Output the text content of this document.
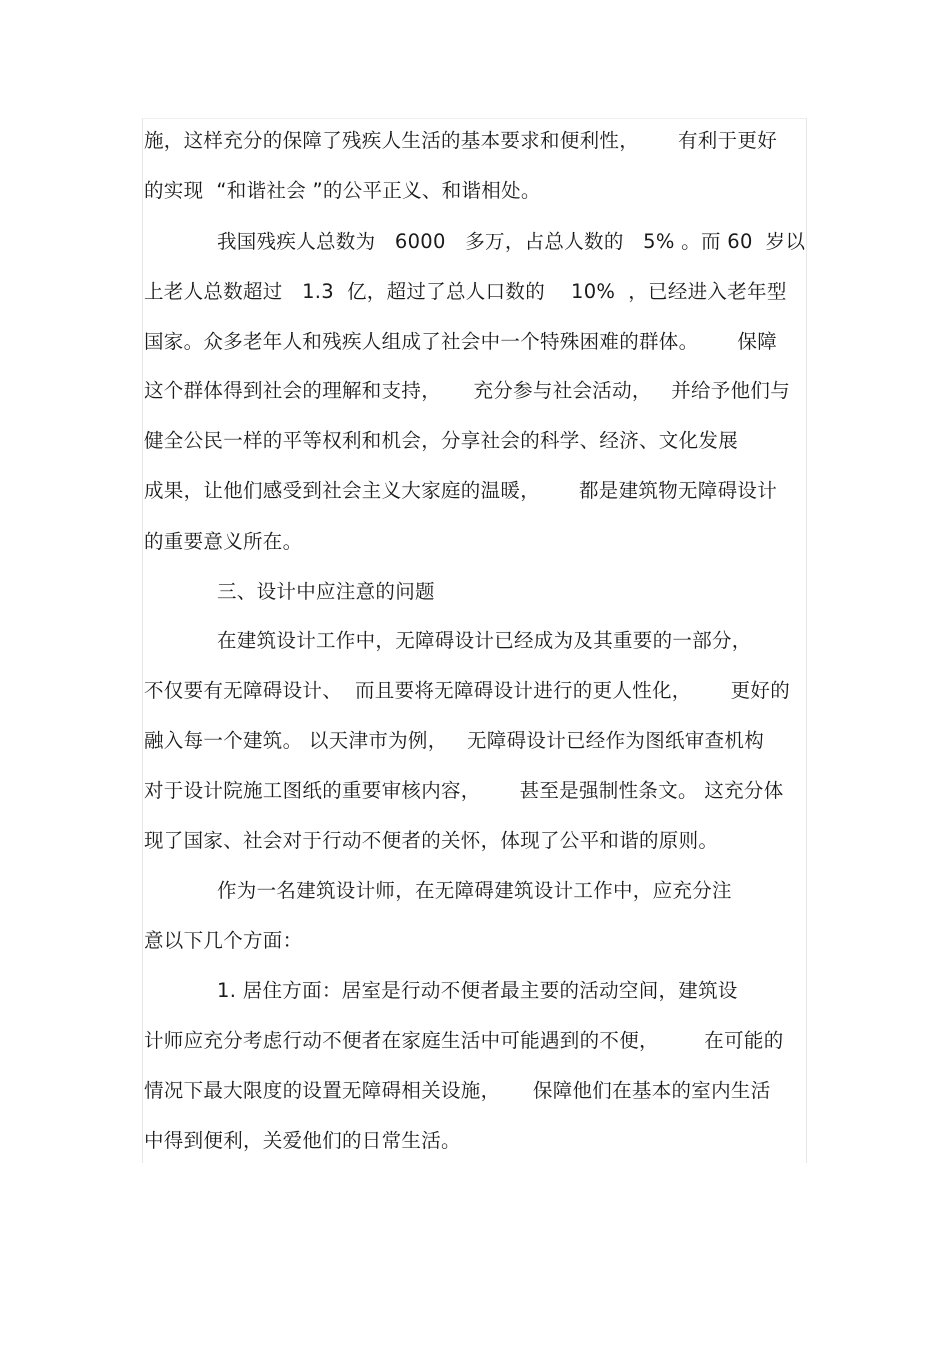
施，这样充分的保障了残疾人生活的基本要求和便利性，      有利于更好
的实现  “和谐社会 ”的公平正义、和谐相处。
我国残疾人总数为   6000   多万，占总人数的   5% 。而 60  岁以
上老人总数超过   1.3  亿，超过了总人口数的    10%  ，已经进入老年型
国家。众多老年人和残疾人组成了社会中一个特殊困难的群体。      保障
这个群体得到社会的理解和支持，     充分参与社会活动，   并给予他们与
健全公民一样的平等权利和机会，分享社会的科学、经济、文化发展
成果，让他们感受到社会主义大家庭的温暖，      都是建筑物无障碍设计
的重要意义所在。
三、设计中应注意的问题
在建筑设计工作中，无障碍设计已经成为及其重要的一部分，
不仅要有无障碍设计、  而且要将无障碍设计进行的更人性化，      更好的
融入每一个建筑。 以天津市为例，   无障碍设计已经作为图纸审查机构
对于设计院施工图纸的重要审核内容，      甚至是强制性条文。 这充分体
现了国家、社会对于行动不便者的关怀，体现了公平和谐的原则。
作为一名建筑设计师，在无障碍建筑设计工作中，应充分注
意以下几个方面：
1. 居住方面：居室是行动不便者最主要的活动空间，建筑设
计师应充分考虑行动不便者在家庭生活中可能遇到的不便，       在可能的
情况下最大限度的设置无障碍相关设施，     保障他们在基本的室内生活
中得到便利，关爱他们的日常生活。
